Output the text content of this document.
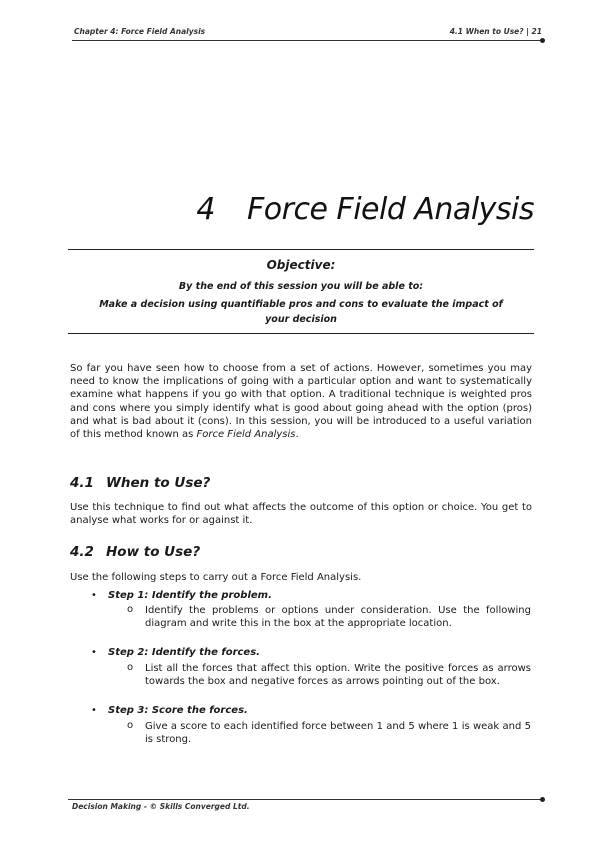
Chapter 4: Force Field Analysis	4.1 When to Use? | 21
4 Force Field Analysis
Objective:
By the end of this session you will be able to:
Make a decision using quantifiable pros and cons to evaluate the impact of
your decision
So far you have seen how to choose from a set of actions. However, sometimes you may need to know the implications of going with a particular option and want to systematically examine what happens if you go with that option. A traditional technique is weighted pros and cons where you simply identify what is good about going ahead with the option (pros) and what is bad about it (cons). In this session, you will be introduced to a useful variation of this method known as Force Field Analysis.
4.1 When to Use?
Use this technique to find out what affects the outcome of this option or choice. You get to analyse what works for or against it.
4.2 How to Use?
Use the following steps to carry out a Force Field Analysis.
• Step 1: Identify the problem.
o Identify the problems or options under consideration. Use the following diagram and write this in the box at the appropriate location.
• Step 2: Identify the forces.
o List all the forces that affect this option. Write the positive forces as arrows towards the box and negative forces as arrows pointing out of the box.
• Step 3: Score the forces.
o Give a score to each identified force between 1 and 5 where 1 is weak and 5 is strong.
Decision Making - © Skills Converged Ltd.
